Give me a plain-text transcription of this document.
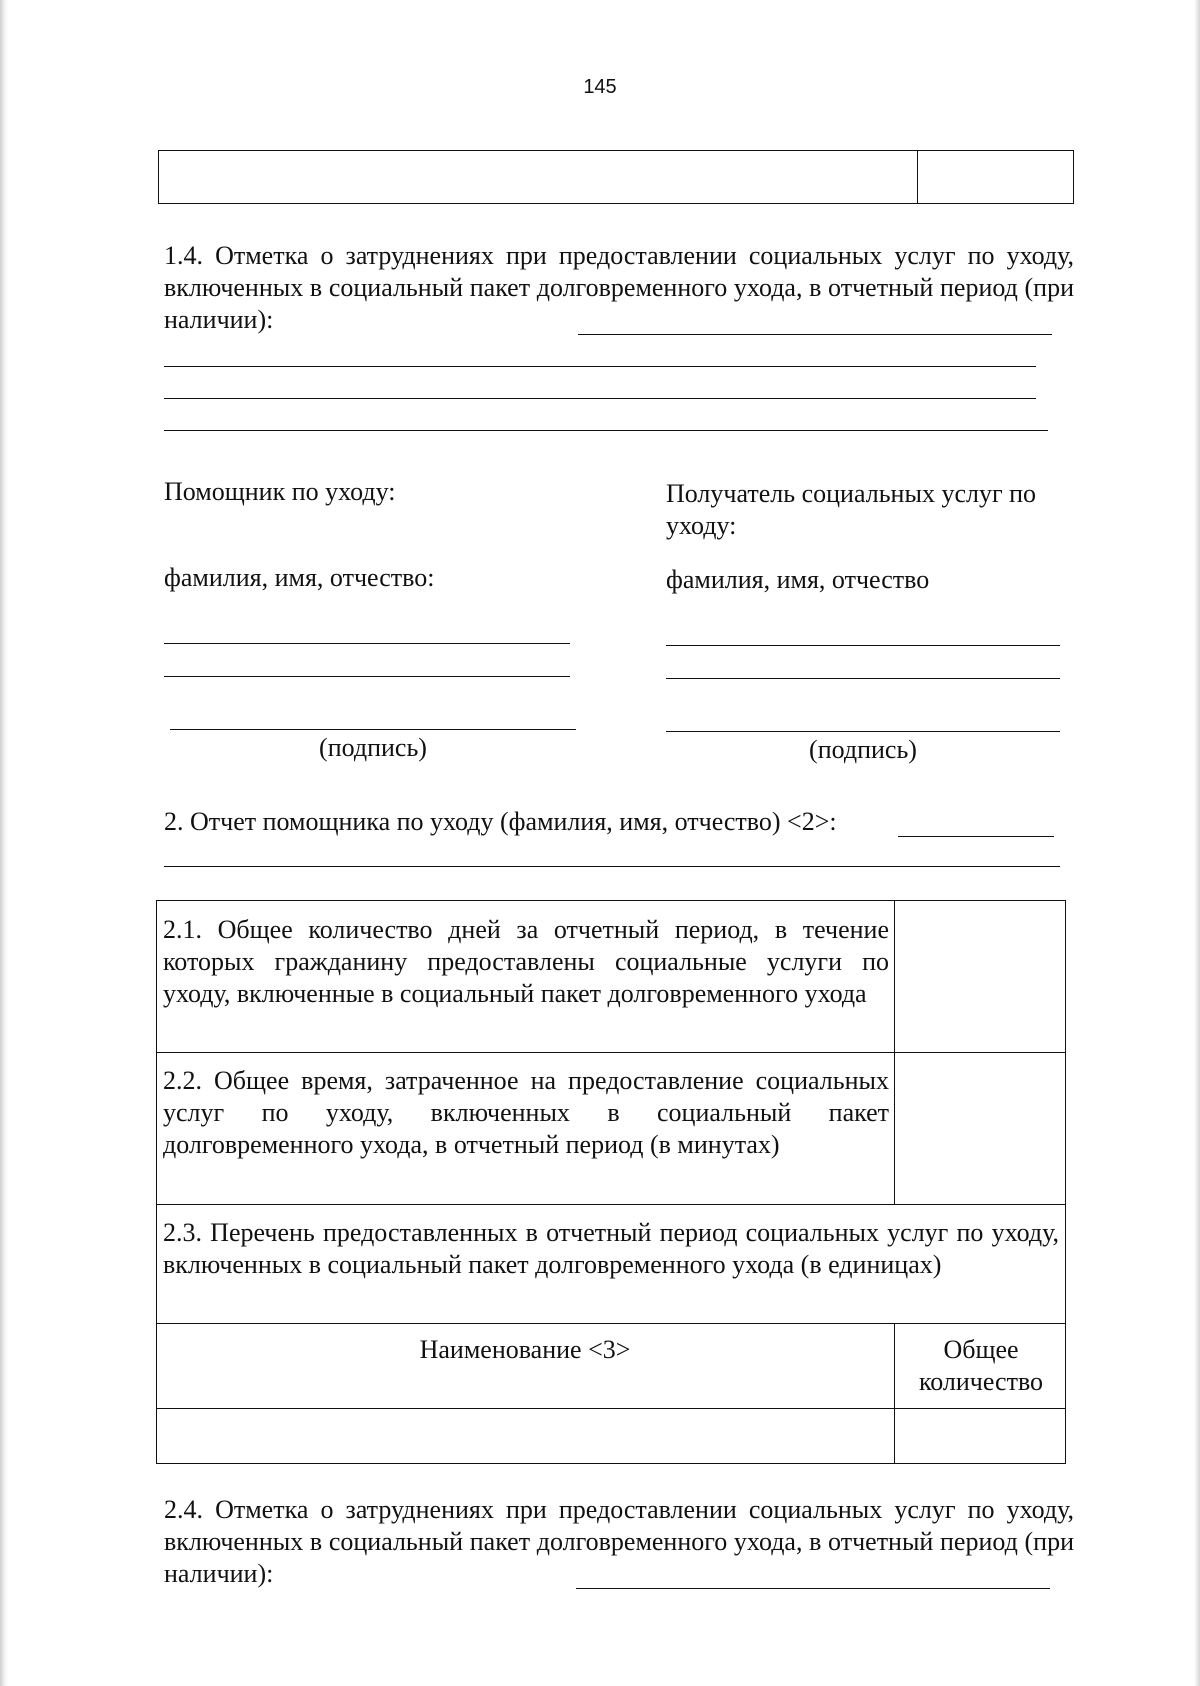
145
1.4. Отметка о затруднениях при предоставлении социальных услуг по уходу, включенных в социальный пакет долговременного ухода, в отчетный период (при наличии):
Помощник по уходу:	Получатель социальных услуг по уходу:
фамилия, имя, отчество:	фамилия, имя, отчество
(подпись)	(подпись)
2. Отчет помощника по уходу (фамилия, имя, отчество) <2>:
2.1. Общее количество дней за отчетный период, в течение которых гражданину предоставлены социальные услуги по уходу, включенные в социальный пакет долговременного ухода
2.2. Общее время, затраченное на предоставление социальных услуг по уходу, включенных в социальный пакет долговременного ухода, в отчетный период (в минутах)
2.3. Перечень предоставленных в отчетный период социальных услуг по уходу, включенных в социальный пакет долговременного ухода (в единицах)
Наименование <3>	Общее количество
2.4. Отметка о затруднениях при предоставлении социальных услуг по уходу, включенных в социальный пакет долговременного ухода, в отчетный период (при наличии):
